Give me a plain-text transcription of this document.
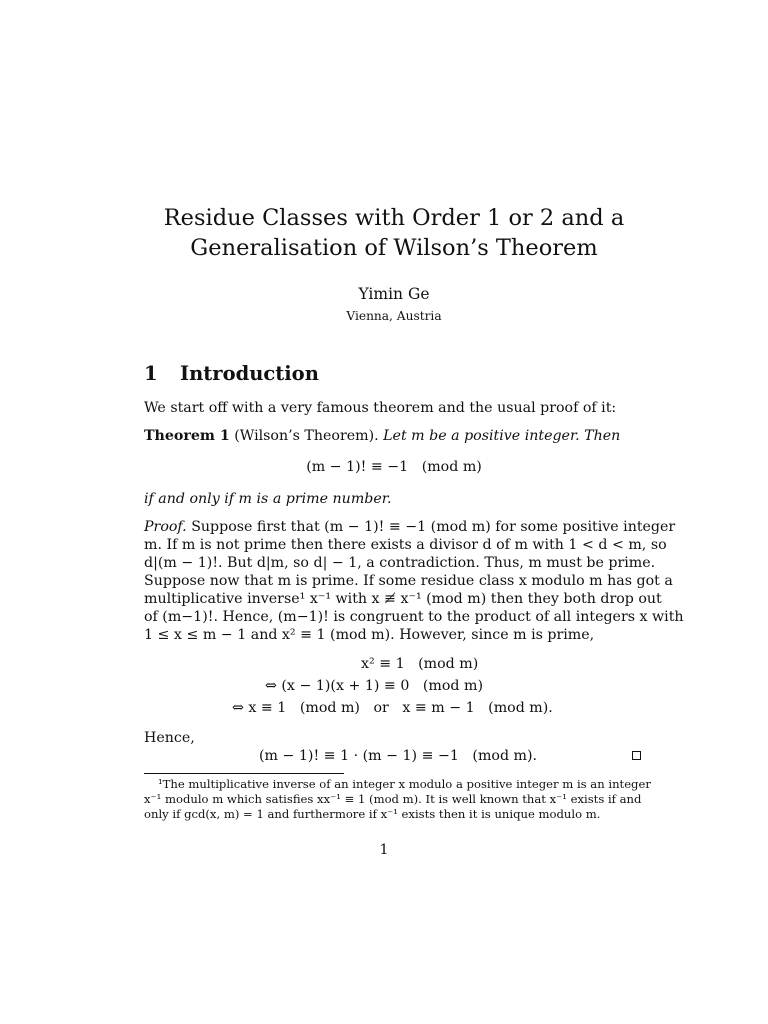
Residue Classes with Order 1 or 2 and a
Generalisation of Wilson’s Theorem
Yimin Ge
Vienna, Austria
1 Introduction
We start off with a very famous theorem and the usual proof of it:
Theorem 1 (Wilson’s Theorem). Let m be a positive integer. Then
(m − 1)! ≡ −1   (mod m)
if and only if m is a prime number.
Proof. Suppose first that (m − 1)! ≡ −1 (mod m) for some positive integer
m. If m is not prime then there exists a divisor d of m with 1 < d < m, so
d|(m − 1)!. But d|m, so d| − 1, a contradiction. Thus, m must be prime.
Suppose now that m is prime. If some residue class x modulo m has got a
multiplicative inverse¹ x⁻¹ with x ≢ x⁻¹ (mod m) then they both drop out
of (m−1)!. Hence, (m−1)! is congruent to the product of all integers x with
1 ≤ x ≤ m − 1 and x² ≡ 1 (mod m). However, since m is prime,
x² ≡ 1   (mod m)
⇔ (x − 1)(x + 1) ≡ 0   (mod m)
⇔ x ≡ 1   (mod m)   or   x ≡ m − 1   (mod m).
Hence,
(m − 1)! ≡ 1 · (m − 1) ≡ −1   (mod m).
¹The multiplicative inverse of an integer x modulo a positive integer m is an integer
x⁻¹ modulo m which satisfies xx⁻¹ ≡ 1 (mod m). It is well known that x⁻¹ exists if and
only if gcd(x, m) = 1 and furthermore if x⁻¹ exists then it is unique modulo m.
1
